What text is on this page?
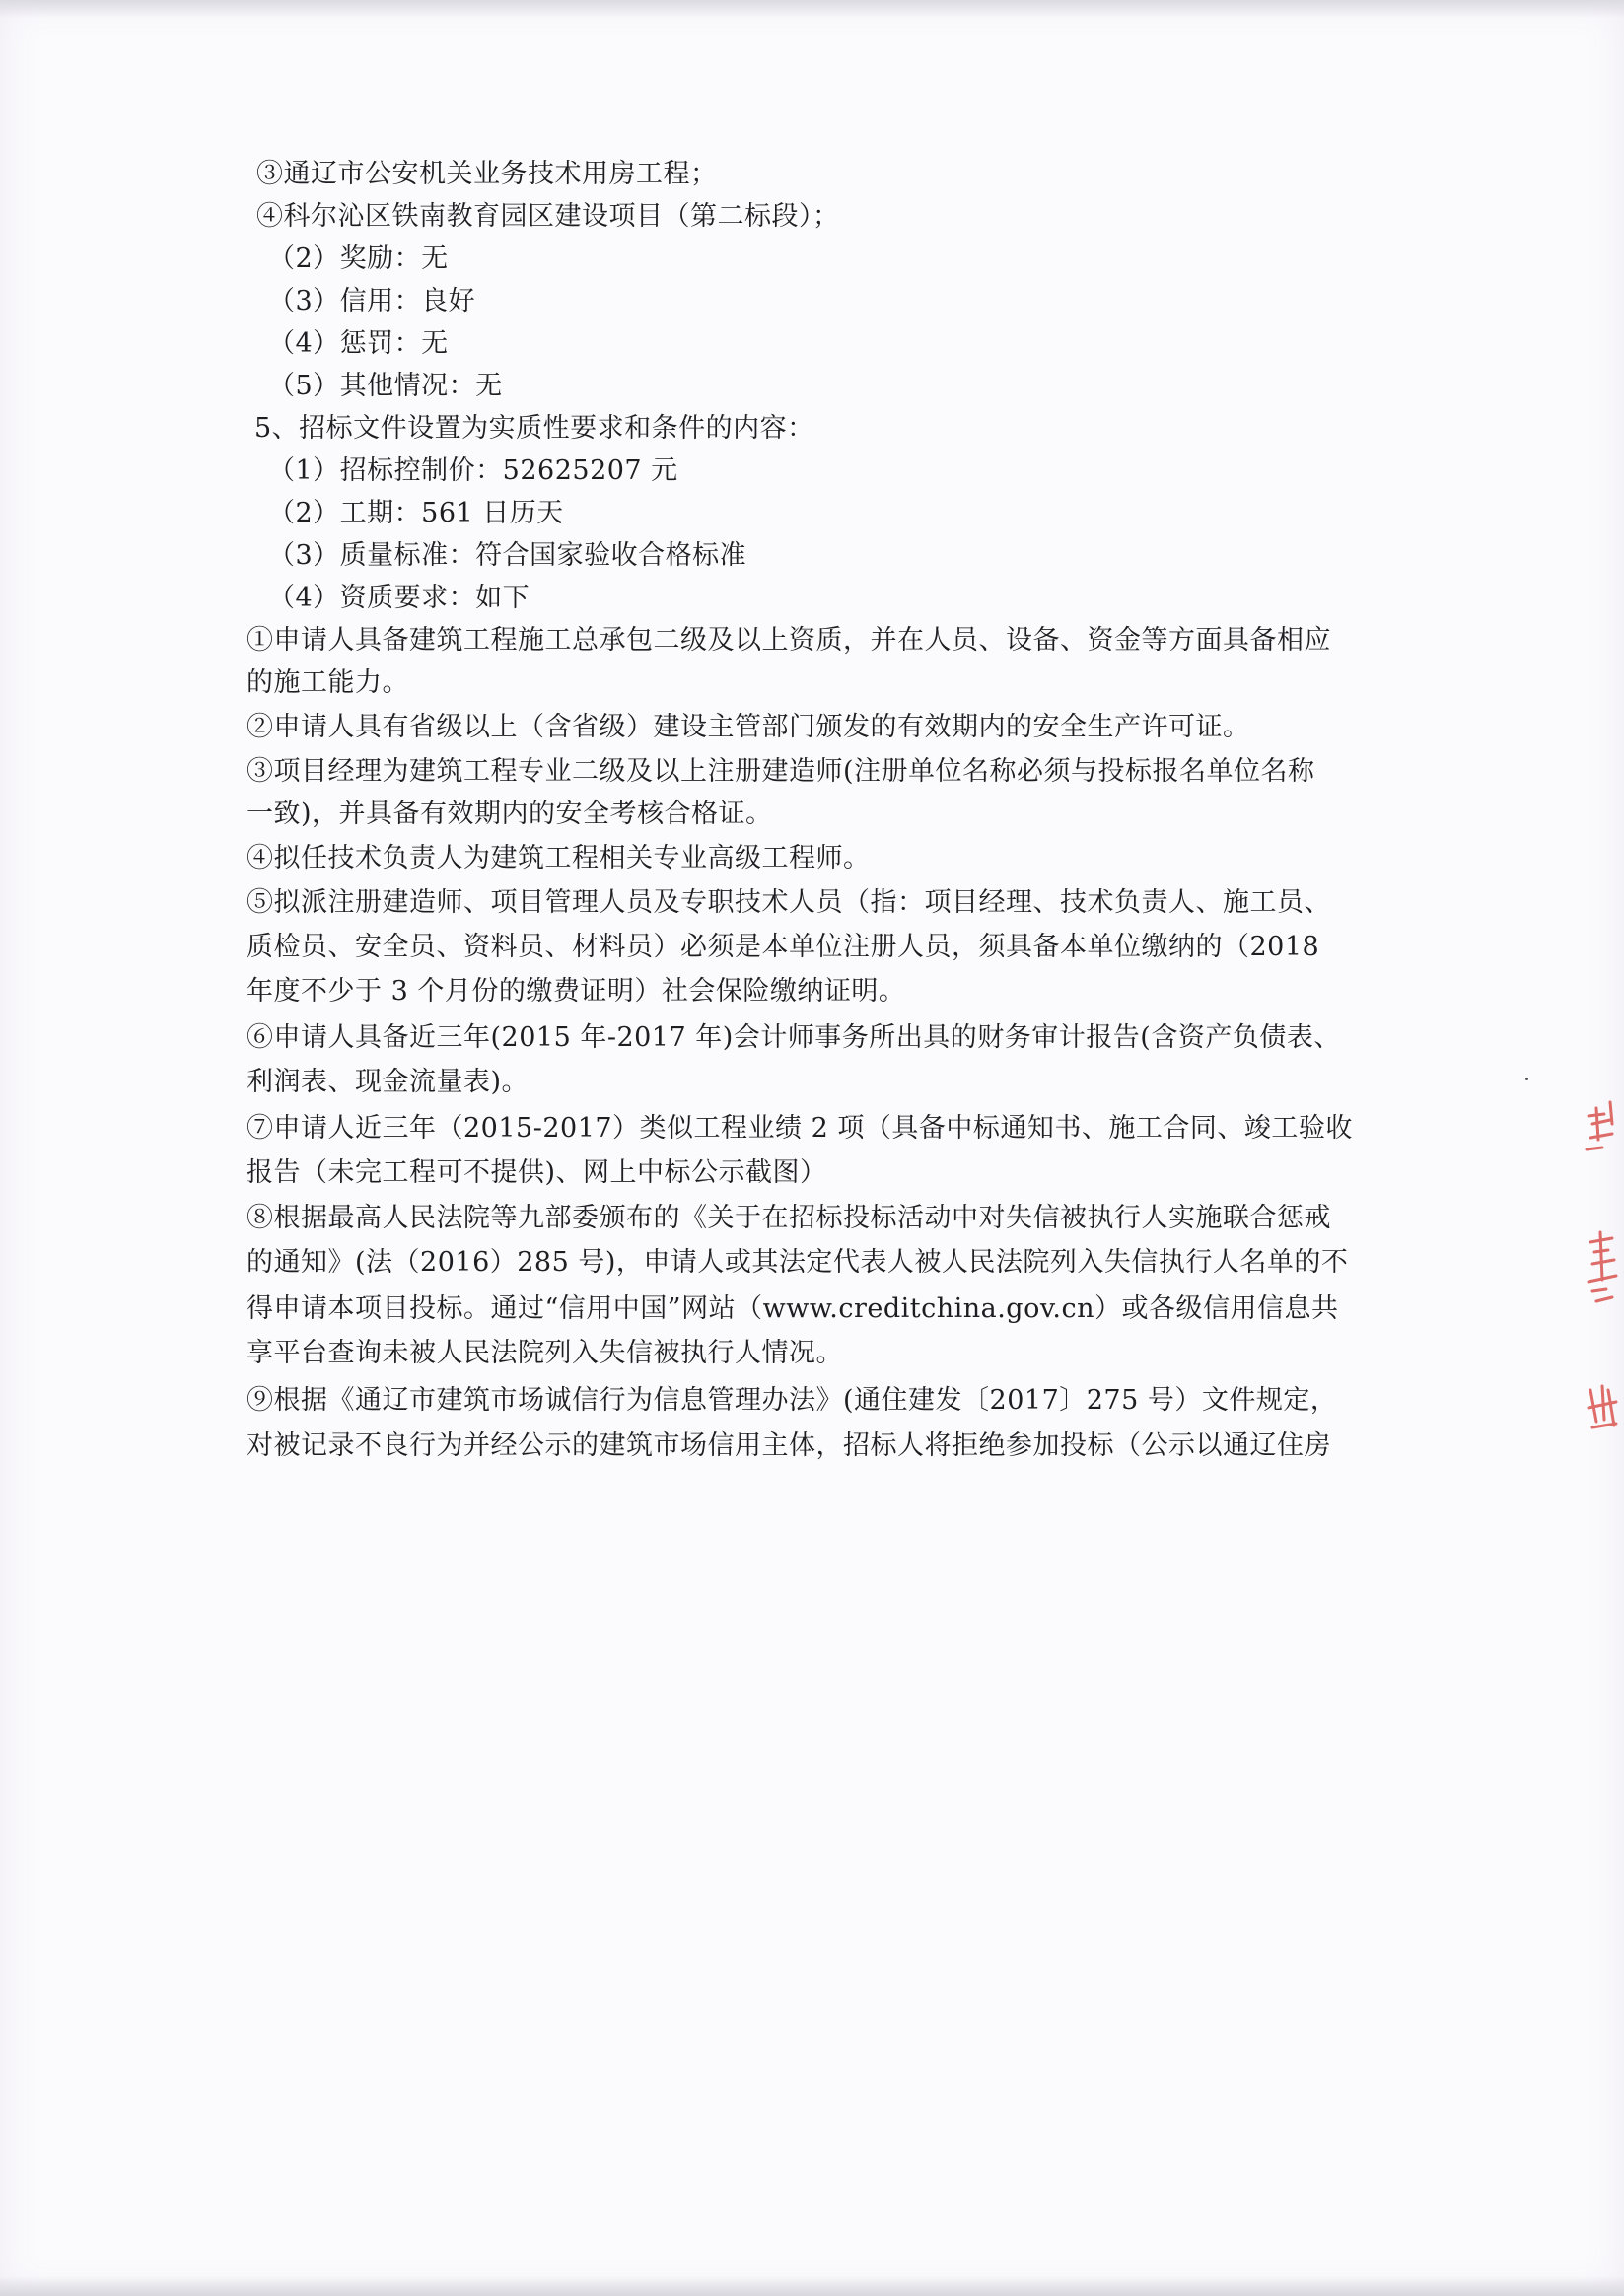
③通辽市公安机关业务技术用房工程；
④科尔沁区铁南教育园区建设项目（第二标段）；
（2）奖励：无
（3）信用：良好
（4）惩罚：无
（5）其他情况：无
5、招标文件设置为实质性要求和条件的内容：
（1）招标控制价：52625207 元
（2）工期：561 日历天
（3）质量标准：符合国家验收合格标准
（4）资质要求：如下
①申请人具备建筑工程施工总承包二级及以上资质，并在人员、设备、资金等方面具备相应
的施工能力。
②申请人具有省级以上（含省级）建设主管部门颁发的有效期内的安全生产许可证。
③项目经理为建筑工程专业二级及以上注册建造师(注册单位名称必须与投标报名单位名称
一致)，并具备有效期内的安全考核合格证。
④拟任技术负责人为建筑工程相关专业高级工程师。
⑤拟派注册建造师、项目管理人员及专职技术人员（指：项目经理、技术负责人、施工员、
质检员、安全员、资料员、材料员）必须是本单位注册人员，须具备本单位缴纳的（2018
年度不少于 3 个月份的缴费证明）社会保险缴纳证明。
⑥申请人具备近三年(2015 年-2017 年)会计师事务所出具的财务审计报告(含资产负债表、
利润表、现金流量表)。
⑦申请人近三年（2015-2017）类似工程业绩 2 项（具备中标通知书、施工合同、竣工验收
报告（未完工程可不提供)、网上中标公示截图）
⑧根据最高人民法院等九部委颁布的《关于在招标投标活动中对失信被执行人实施联合惩戒
的通知》(法（2016）285 号)，申请人或其法定代表人被人民法院列入失信执行人名单的不
得申请本项目投标。通过“信用中国”网站（www.creditchina.gov.cn）或各级信用信息共
享平台查询未被人民法院列入失信被执行人情况。
⑨根据《通辽市建筑市场诚信行为信息管理办法》(通住建发〔2017〕275 号）文件规定，
对被记录不良行为并经公示的建筑市场信用主体，招标人将拒绝参加投标（公示以通辽住房
